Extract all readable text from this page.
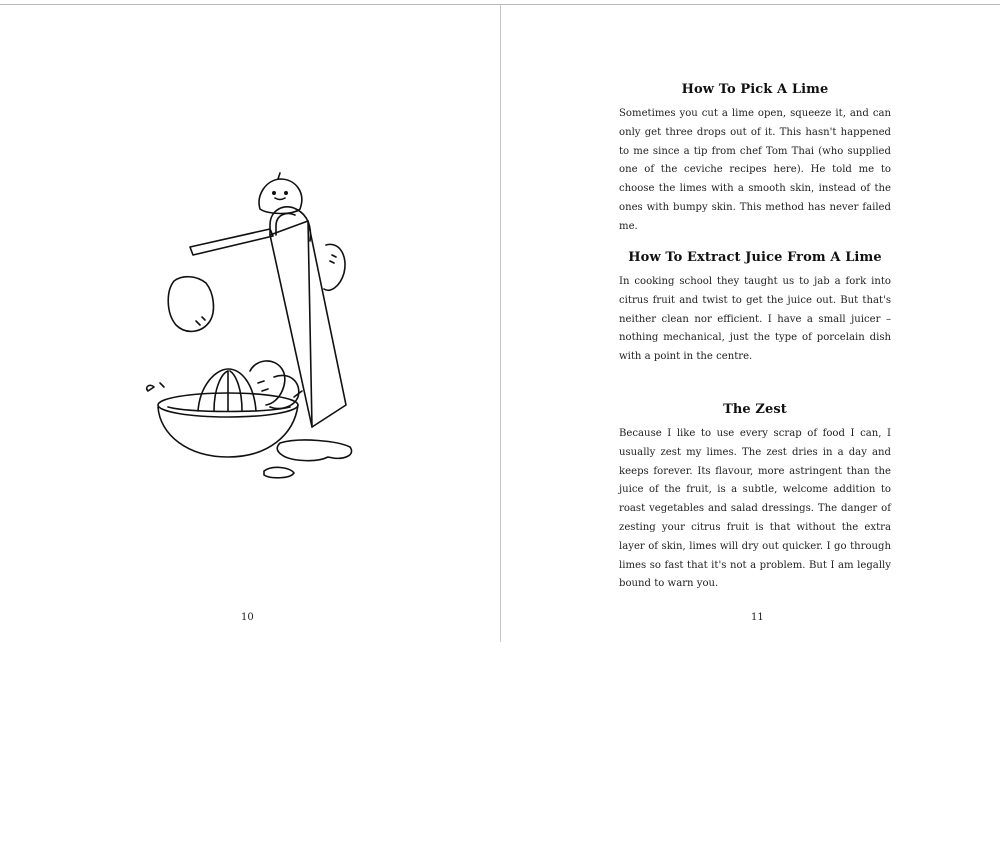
10
How To Pick A Lime

Sometimes you cut a lime open, squeeze it, and can only get three drops out of it. This hasn't happened to me since a tip from chef Tom Thai (who supplied one of the ceviche recipes here). He told me to choose the limes with a smooth skin, instead of the ones with bumpy skin. This method has never failed me.

How To Extract Juice From A Lime

In cooking school they taught us to jab a fork into citrus fruit and twist to get the juice out. But that's neither clean nor efficient. I have a small juicer – nothing mechanical, just the type of porcelain dish with a point in the centre.

The Zest

Because I like to use every scrap of food I can, I usually zest my limes. The zest dries in a day and keeps forever. Its flavour, more astringent than the juice of the fruit, is a subtle, welcome addition to roast vegetables and salad dressings. The danger of zesting your citrus fruit is that without the extra layer of skin, limes will dry out quicker. I go through limes so fast that it's not a problem. But I am legally bound to warn you.

11
